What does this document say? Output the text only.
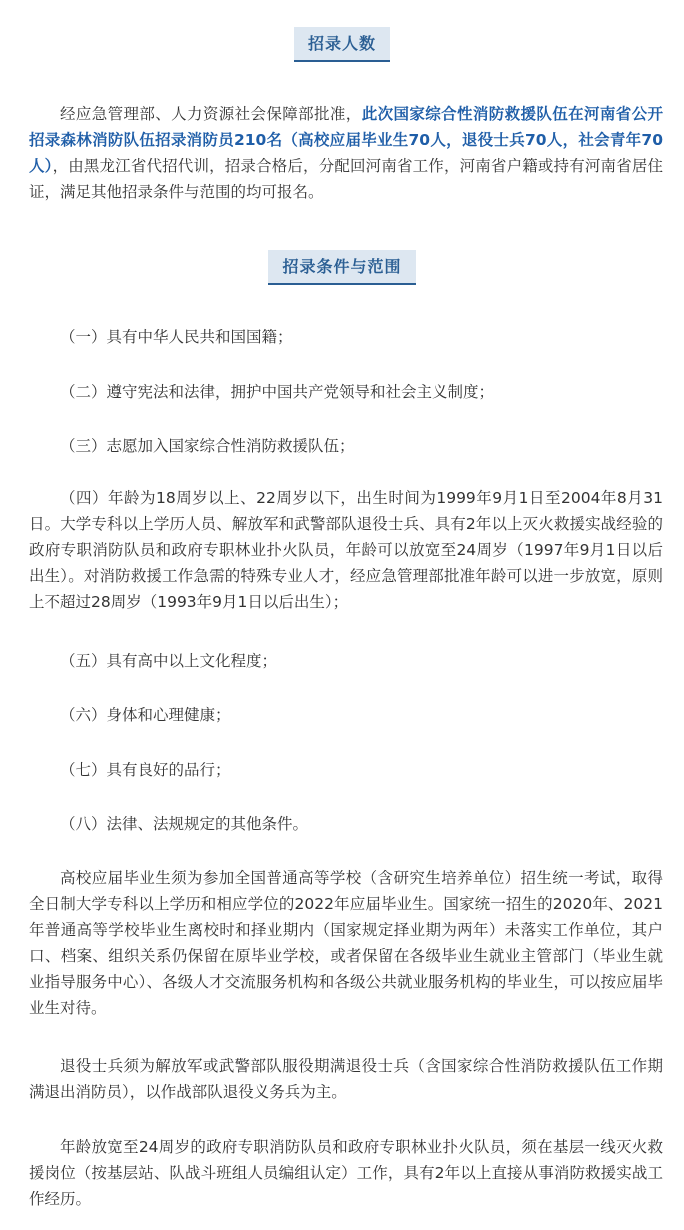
招录人数

经应急管理部、人力资源社会保障部批准，此次国家综合性消防救援队伍在河南省公开招录森林消防队伍招录消防员210名（高校应届毕业生70人，退役士兵70人，社会青年70人），由黑龙江省代招代训，招录合格后，分配回河南省工作，河南省户籍或持有河南省居住证，满足其他招录条件与范围的均可报名。

招录条件与范围

（一）具有中华人民共和国国籍；

（二）遵守宪法和法律，拥护中国共产党领导和社会主义制度；

（三）志愿加入国家综合性消防救援队伍；

（四）年龄为18周岁以上、22周岁以下，出生时间为1999年9月1日至2004年8月31日。大学专科以上学历人员、解放军和武警部队退役士兵、具有2年以上灭火救援实战经验的政府专职消防队员和政府专职林业扑火队员，年龄可以放宽至24周岁（1997年9月1日以后出生）。对消防救援工作急需的特殊专业人才，经应急管理部批准年龄可以进一步放宽，原则上不超过28周岁（1993年9月1日以后出生）；

（五）具有高中以上文化程度；

（六）身体和心理健康；

（七）具有良好的品行；

（八）法律、法规规定的其他条件。

高校应届毕业生须为参加全国普通高等学校（含研究生培养单位）招生统一考试，取得全日制大学专科以上学历和相应学位的2022年应届毕业生。国家统一招生的2020年、2021年普通高等学校毕业生离校时和择业期内（国家规定择业期为两年）未落实工作单位，其户口、档案、组织关系仍保留在原毕业学校，或者保留在各级毕业生就业主管部门（毕业生就业指导服务中心）、各级人才交流服务机构和各级公共就业服务机构的毕业生，可以按应届毕业生对待。

退役士兵须为解放军或武警部队服役期满退役士兵（含国家综合性消防救援队伍工作期满退出消防员），以作战部队退役义务兵为主。

年龄放宽至24周岁的政府专职消防队员和政府专职林业扑火队员，须在基层一线灭火救援岗位（按基层站、队战斗班组人员编组认定）工作，具有2年以上直接从事消防救援实战工作经历。
